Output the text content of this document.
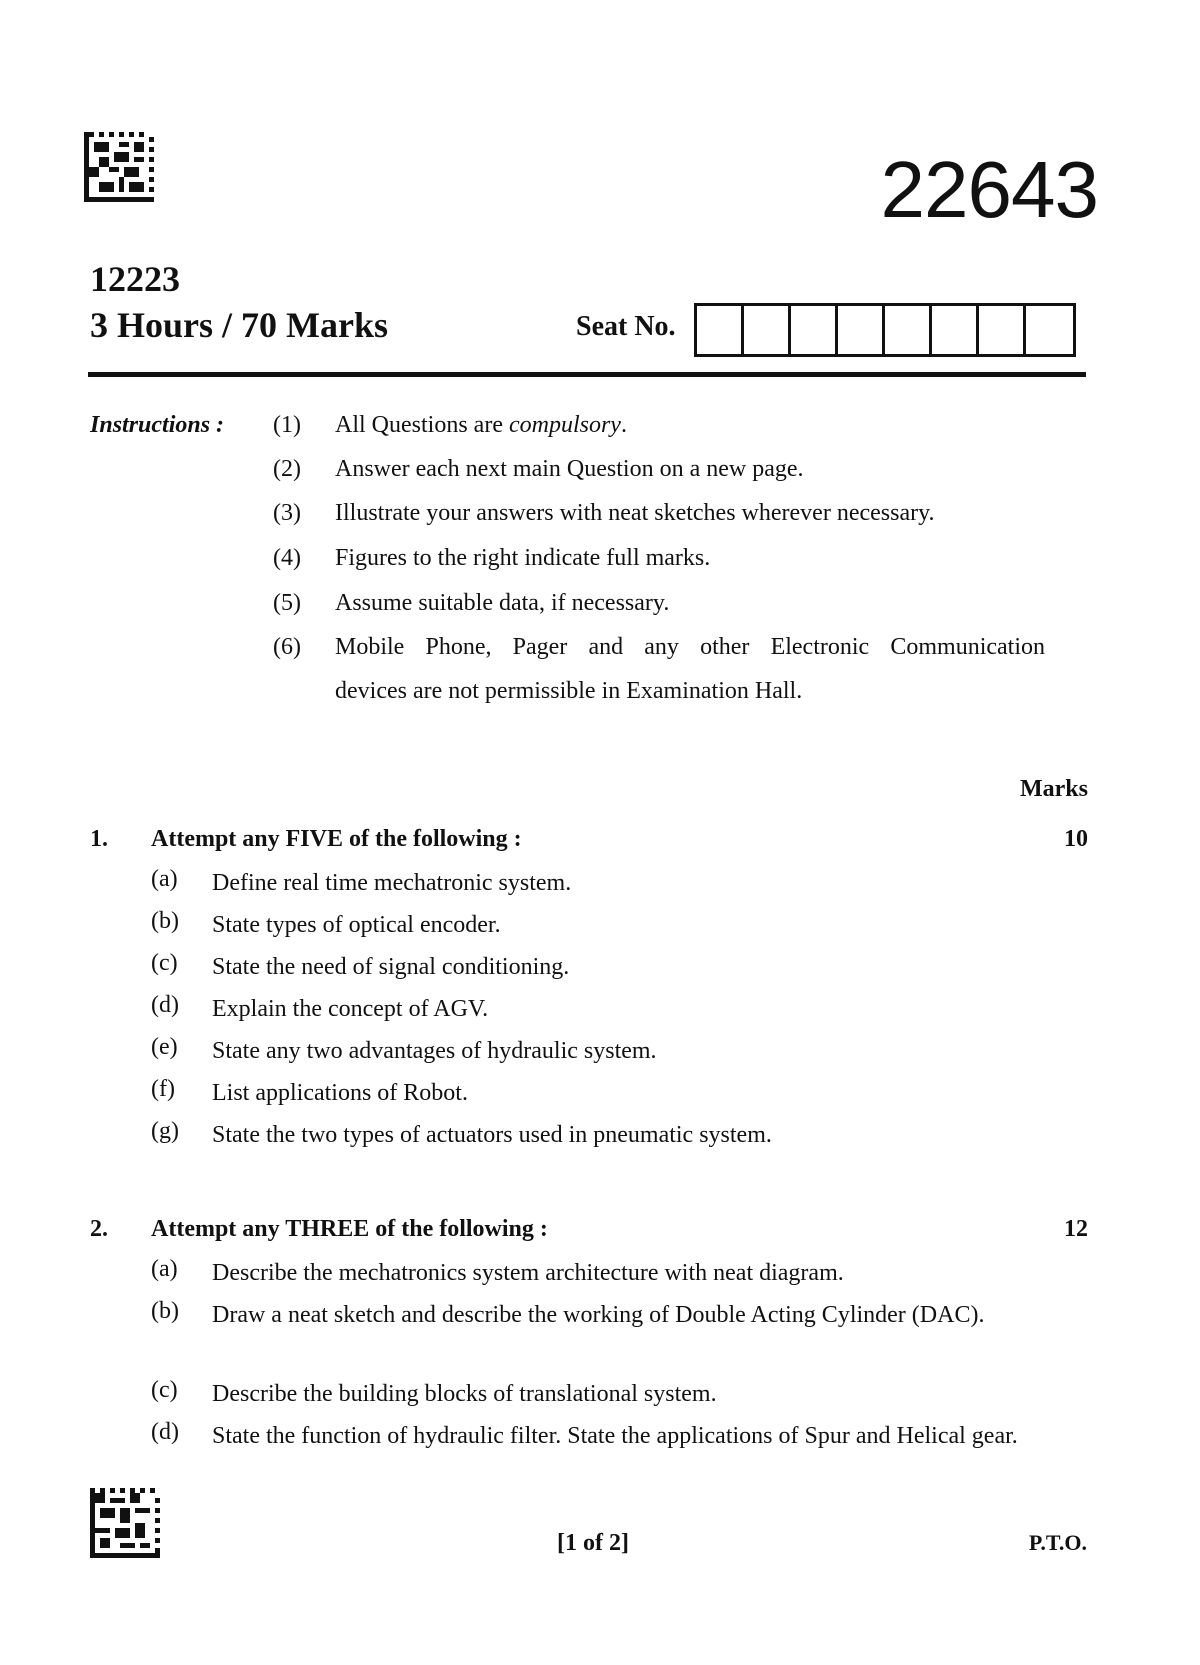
22643
12223
3 Hours / 70 Marks	Seat No.
Instructions : (1) All Questions are compulsory.
(2) Answer each next main Question on a new page.
(3) Illustrate your answers with neat sketches wherever necessary.
(4) Figures to the right indicate full marks.
(5) Assume suitable data, if necessary.
(6) Mobile Phone, Pager and any other Electronic Communication
devices are not permissible in Examination Hall.
Marks
1. Attempt any FIVE of the following :	10
(a) Define real time mechatronic system.
(b) State types of optical encoder.
(c) State the need of signal conditioning.
(d) Explain the concept of AGV.
(e) State any two advantages of hydraulic system.
(f) List applications of Robot.
(g) State the two types of actuators used in pneumatic system.
2. Attempt any THREE of the following :	12
(a) Describe the mechatronics system architecture with neat diagram.
(b) Draw a neat sketch and describe the working of Double Acting Cylinder (DAC).
(c) Describe the building blocks of translational system.
(d) State the function of hydraulic filter. State the applications of Spur and Helical gear.
[1 of 2]	P.T.O.
